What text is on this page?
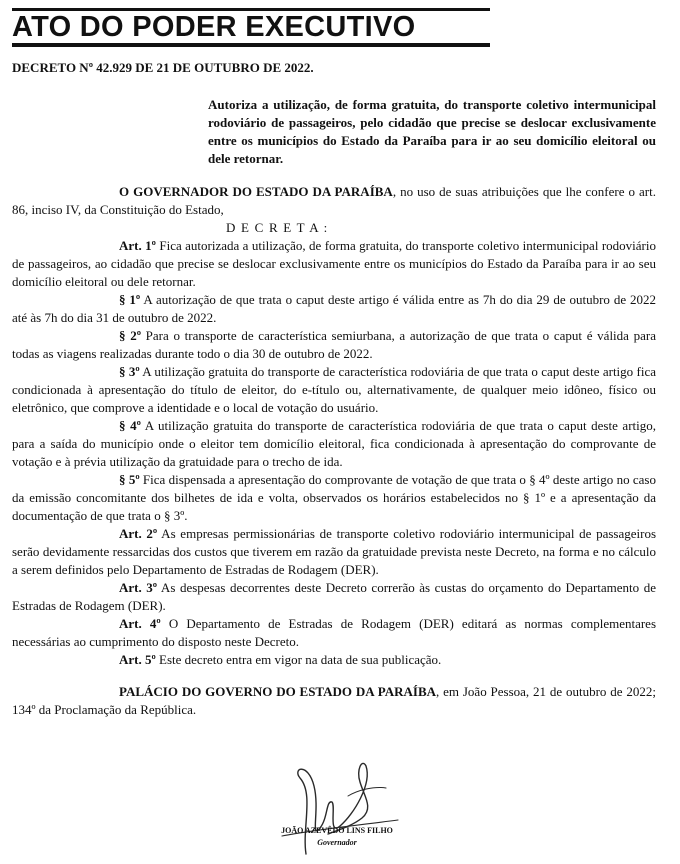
ATO DO PODER EXECUTIVO
DECRETO Nº 42.929 DE 21 DE OUTUBRO DE 2022.
Autoriza a utilização, de forma gratuita, do transporte coletivo intermunicipal rodoviário de passageiros, pelo cidadão que precise se deslocar exclusivamente entre os municípios do Estado da Paraíba para ir ao seu domicílio eleitoral ou dele retornar.

O GOVERNADOR DO ESTADO DA PARAÍBA, no uso de suas atribuições que lhe confere o art. 86, inciso IV, da Constituição do Estado,

D E C R E T A :

Art. 1º Fica autorizada a utilização, de forma gratuita, do transporte coletivo intermunicipal rodoviário de passageiros, ao cidadão que precise se deslocar exclusivamente entre os municípios do Estado da Paraíba para ir ao seu domicílio eleitoral ou dele retornar.

§ 1º A autorização de que trata o caput deste artigo é válida entre as 7h do dia 29 de outubro de 2022 até às 7h do dia 31 de outubro de 2022.

§ 2º Para o transporte de característica semiurbana, a autorização de que trata o caput é válida para todas as viagens realizadas durante todo o dia 30 de outubro de 2022.

§ 3º A utilização gratuita do transporte de característica rodoviária de que trata o caput deste artigo fica condicionada à apresentação do título de eleitor, do e-título ou, alternativamente, de qualquer meio idôneo, físico ou eletrônico, que comprove a identidade e o local de votação do usuário.

§ 4º A utilização gratuita do transporte de característica rodoviária de que trata o caput deste artigo, para a saída do município onde o eleitor tem domicílio eleitoral, fica condicionada à apresentação do comprovante de votação e à prévia utilização da gratuidade para o trecho de ida.

§ 5º Fica dispensada a apresentação do comprovante de votação de que trata o § 4º deste artigo no caso da emissão concomitante dos bilhetes de ida e volta, observados os horários estabelecidos no § 1º e a apresentação da documentação de que trata o § 3º.

Art. 2º As empresas permissionárias de transporte coletivo rodoviário intermunicipal de passageiros serão devidamente ressarcidas dos custos que tiverem em razão da gratuidade prevista neste Decreto, na forma e no cálculo a serem definidos pelo Departamento de Estradas de Rodagem (DER).

Art. 3º As despesas decorrentes deste Decreto correrão às custas do orçamento do Departamento de Estradas de Rodagem (DER).

Art. 4º O Departamento de Estradas de Rodagem (DER) editará as normas complementares necessárias ao cumprimento do disposto neste Decreto.

Art. 5º Este decreto entra em vigor na data de sua publicação.

PALÁCIO DO GOVERNO DO ESTADO DA PARAÍBA, em João Pessoa, 21 de outubro de 2022; 134º da Proclamação da República.

JOÃO AZEVÊDO LINS FILHO
Governador
